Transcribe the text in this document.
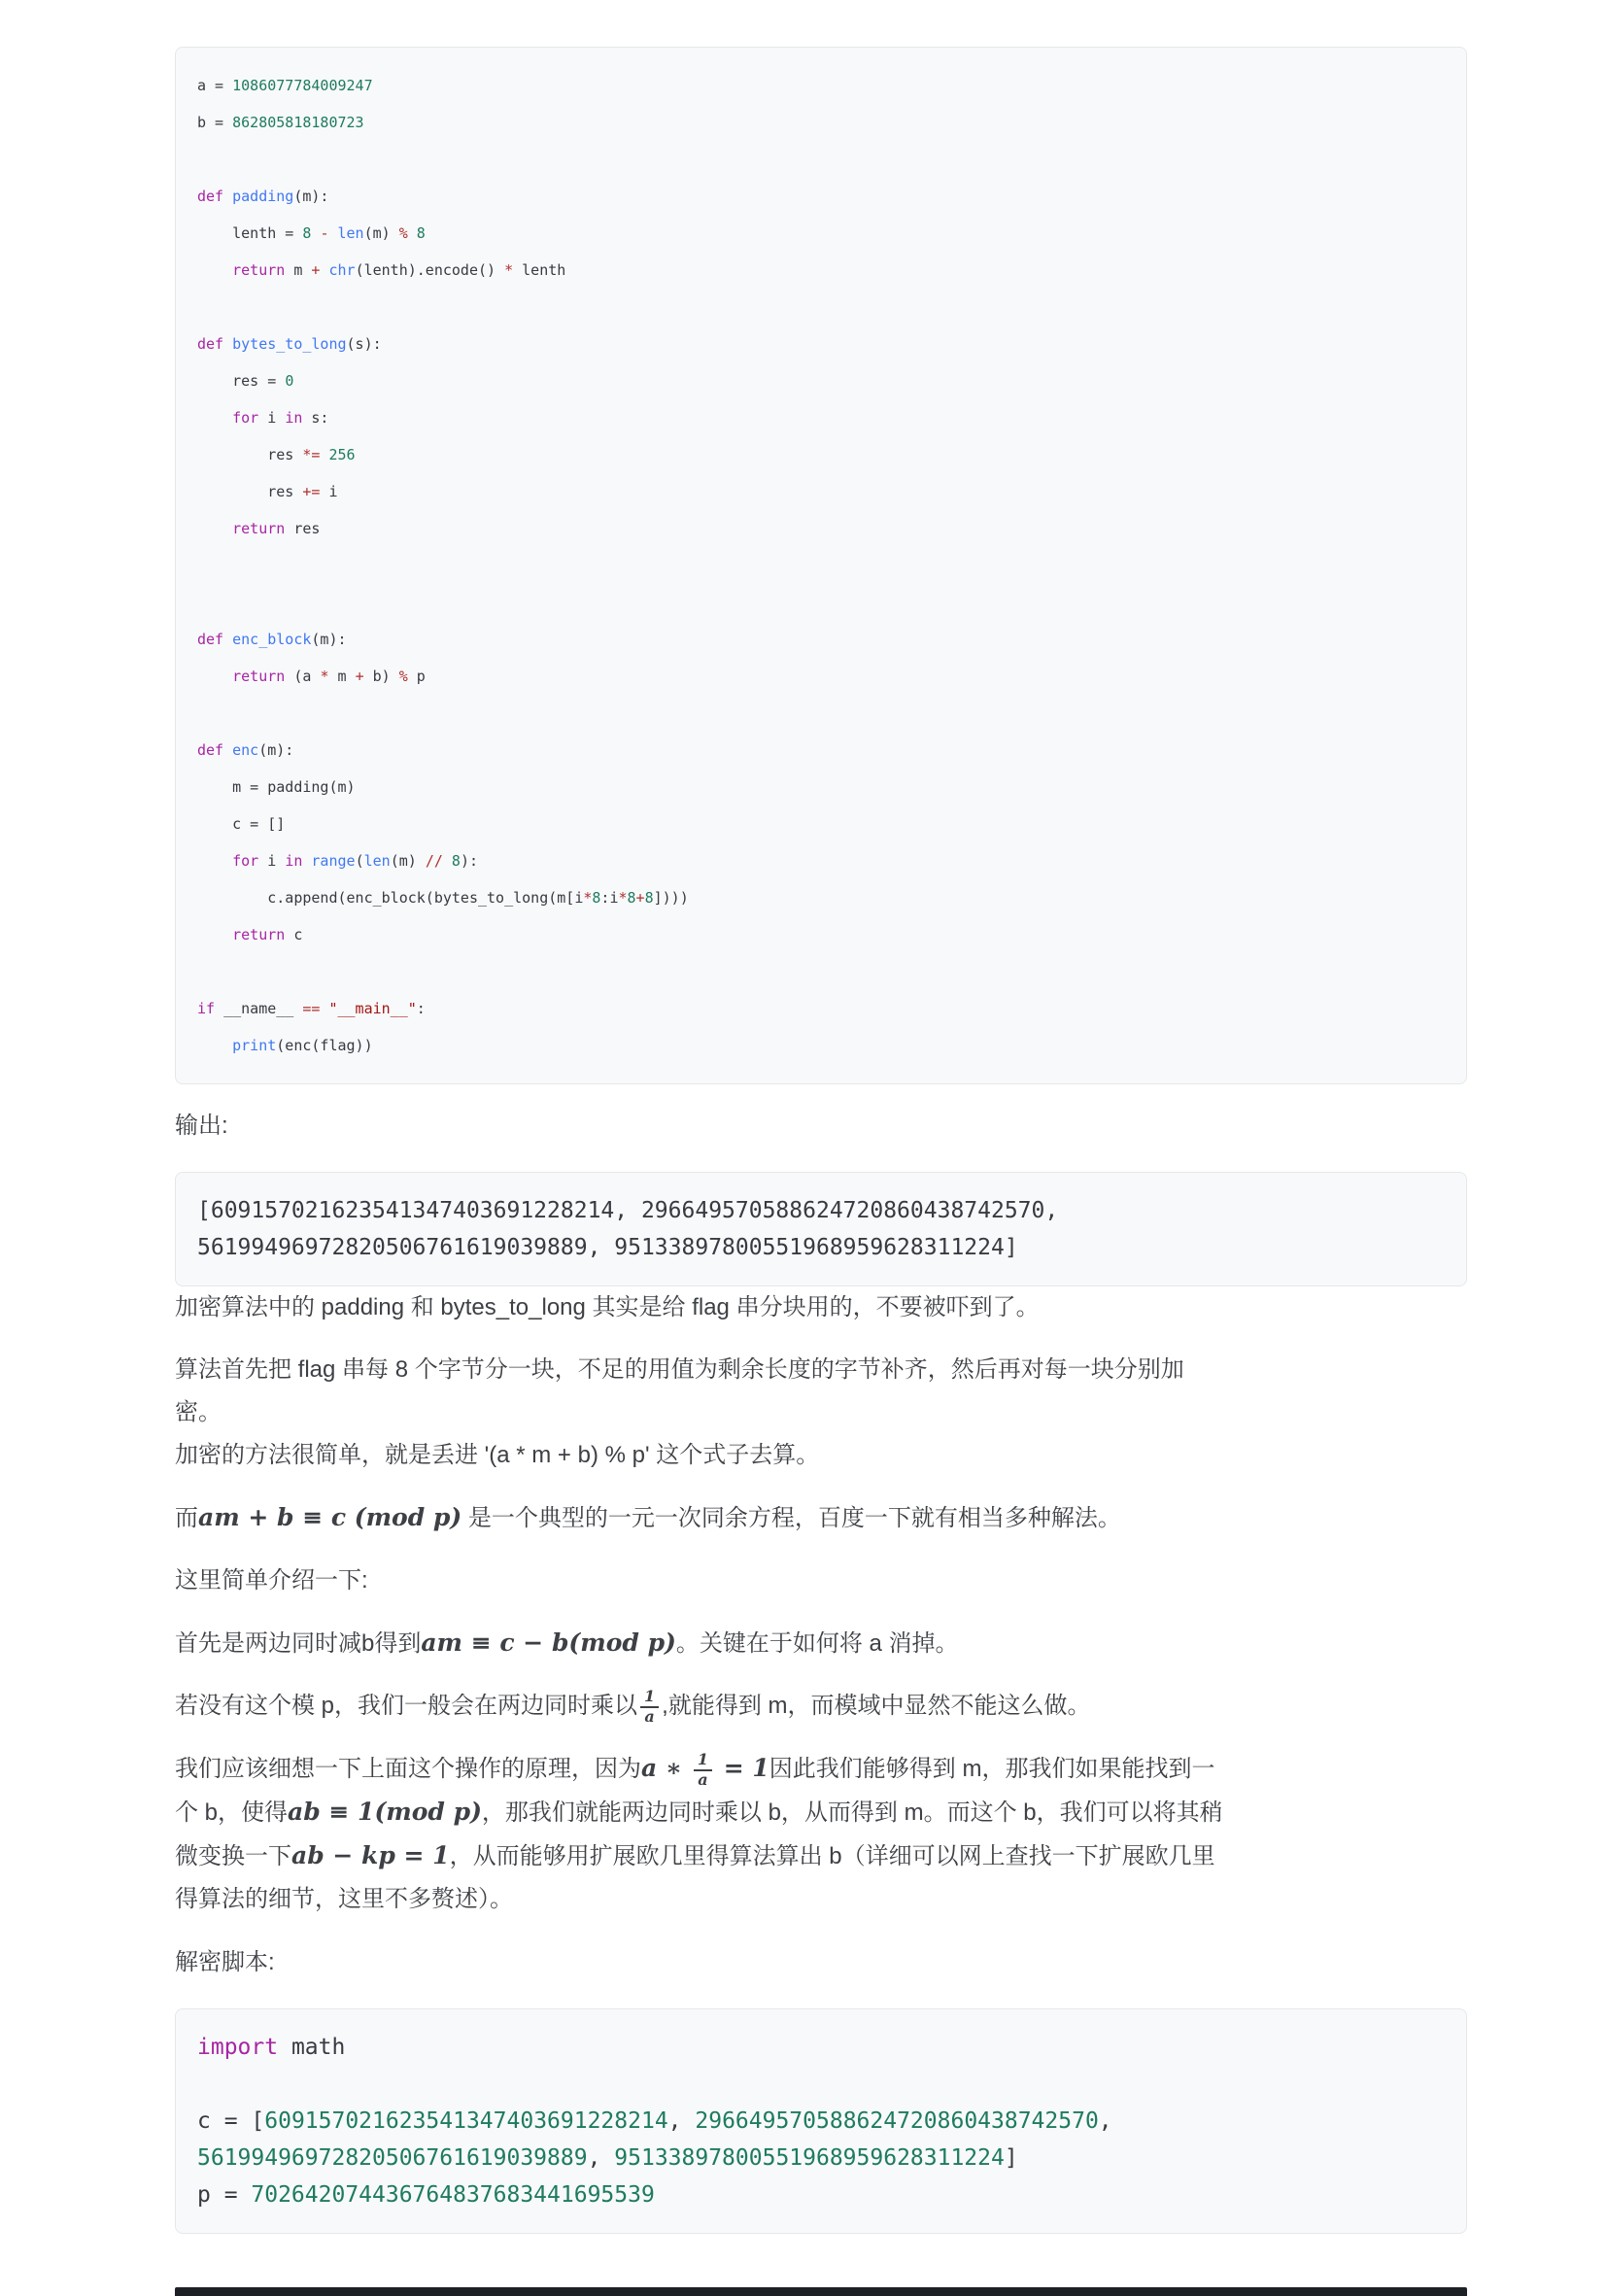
a = 1086077784009247
b = 862805818180723

def padding(m):
lenth = 8 - len(m) % 8
return m + chr(lenth).encode() * lenth

def bytes_to_long(s):
res = 0
for i in s:
res *= 256
res += i
return res

def enc_block(m):
return (a * m + b) % p

def enc(m):
m = padding(m)
c = []
for i in range(len(m) // 8):
c.append(enc_block(bytes_to_long(m[i*8:i*8+8])))
return c

if __name__ == "__main__":
print(enc(flag))

输出:

[609157021623541347403691228214, 296649570588624720860438742570,
56199496972820506761619039889, 95133897800551968959628311224]

加密算法中的 padding 和 bytes_to_long 其实是给 flag 串分块用的，不要被吓到了。

算法首先把 flag 串每 8 个字节分一块，不足的用值为剩余长度的字节补齐，然后再对每一块分别加密。
加密的方法很简单，就是丢进 '(a * m + b) % p' 这个式子去算。

而am + b ≡ c (mod p) 是一个典型的一元一次同余方程，百度一下就有相当多种解法。

这里简单介绍一下:

首先是两边同时减b得到am ≡ c − b(mod p)。关键在于如何将 a 消掉。

若没有这个模 p，我们一般会在两边同时乘以 $\frac{1}{a}$ ,就能得到 m，而模域中显然不能这么做。

我们应该细想一下上面这个操作的原理，因为a ∗ $\frac{1}{a} = 1$因此我们能够得到 m，那我们如果能找到一个 b，使得ab ≡ 1(mod p)，那我们就能两边同时乘以 b，从而得到 m。而这个 b，我们可以将其稍微变换一下ab − kp = 1，从而能够用扩展欧几里得算法算出 b（详细可以网上查找一下扩展欧几里得算法的细节，这里不多赘述）。

解密脚本:

import math

c = [609157021623541347403691228214, 296649570588624720860438742570,
56199496972820506761619039889, 95133897800551968959628311224]
p = 702642074436764837683441695539
